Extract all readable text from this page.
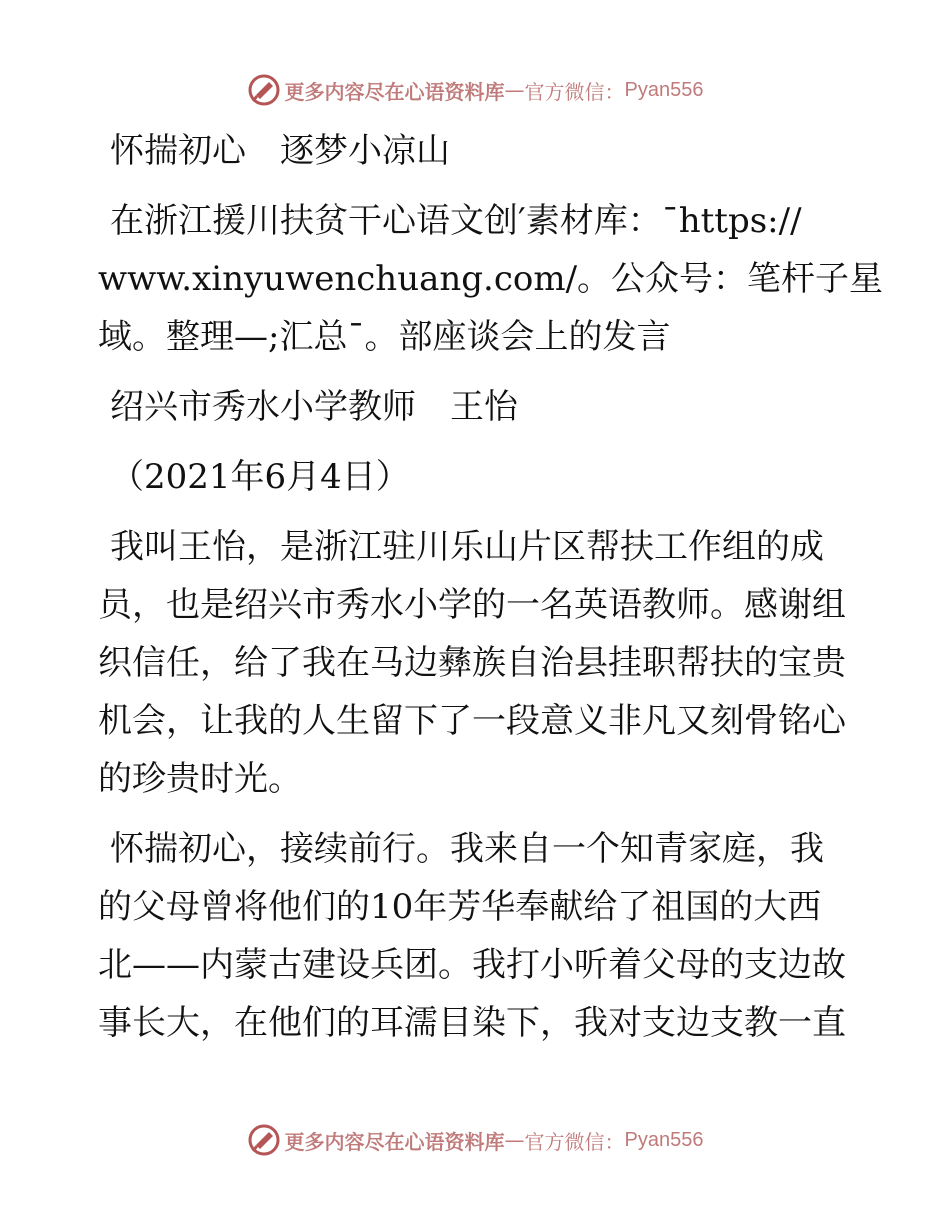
更多内容尽在心语资料库 — 官方微信： Pyan556
怀揣初心　逐梦小凉山
在浙江援川扶贫干心语文创′素材库：¯https://
www.xinyuwenchuang.com/。公众号：笔杆子星
域。整理—;汇总¯。部座谈会上的发言
绍兴市秀水小学教师　王怡
（2021年6月4日）
我叫王怡，是浙江驻川乐山片区帮扶工作组的成
员，也是绍兴市秀水小学的一名英语教师。感谢组
织信任，给了我在马边彝族自治县挂职帮扶的宝贵
机会，让我的人生留下了一段意义非凡又刻骨铭心
的珍贵时光。
怀揣初心，接续前行。我来自一个知青家庭，我
的父母曾将他们的10年芳华奉献给了祖国的大西
北——内蒙古建设兵团。我打小听着父母的支边故
事长大，在他们的耳濡目染下，我对支边支教一直
更多内容尽在心语资料库 — 官方微信： Pyan556
